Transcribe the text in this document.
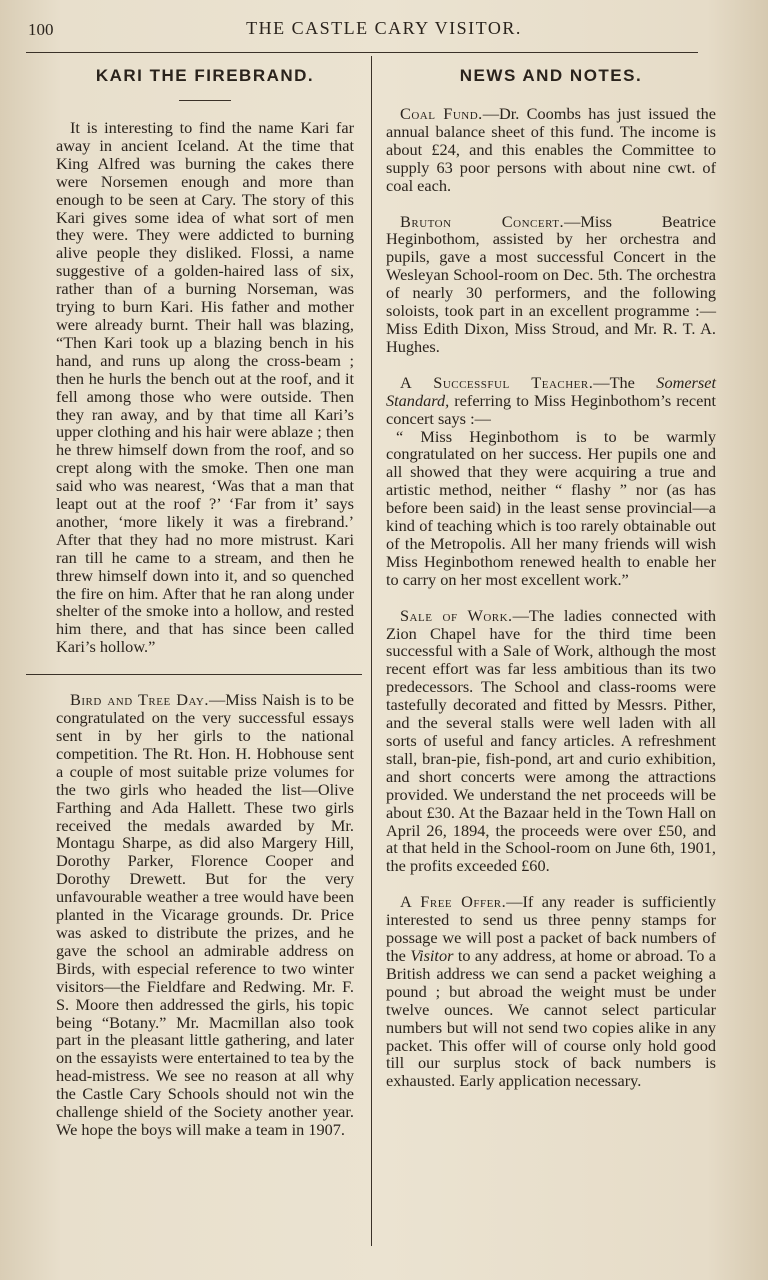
100	THE CASTLE CARY VISITOR.
KARI THE FIREBRAND.

It is interesting to find the name Kari far away in ancient Iceland. At the time that King Alfred was burning the cakes there were Norsemen enough and more than enough to be seen at Cary. The story of this Kari gives some idea of what sort of men they were. They were addicted to burning alive people they disliked. Flossi, a name suggestive of a golden-haired lass of six, rather than of a burning Norseman, was trying to burn Kari. His father and mother were already burnt. Their hall was blazing, “Then Kari took up a blazing bench in his hand, and runs up along the cross-beam ; then he hurls the bench out at the roof, and it fell among those who were outside. Then they ran away, and by that time all Kari’s upper clothing and his hair were ablaze ; then he threw himself down from the roof, and so crept along with the smoke. Then one man said who was nearest, ‘Was that a man that leapt out at the roof ?’ ‘Far from it’ says another, ‘more likely it was a firebrand.’ After that they had no more mistrust. Kari ran till he came to a stream, and then he threw himself down into it, and so quenched the fire on him. After that he ran along under shelter of the smoke into a hollow, and rested him there, and that has since been called Kari’s hollow.”

Bird and Tree Day.—Miss Naish is to be congratulated on the very successful essays sent in by her girls to the national competition. The Rt. Hon. H. Hobhouse sent a couple of most suitable prize volumes for the two girls who headed the list—Olive Farthing and Ada Hallett. These two girls received the medals awarded by Mr. Montagu Sharpe, as did also Margery Hill, Dorothy Parker, Florence Cooper and Dorothy Drewett. But for the very unfavourable weather a tree would have been planted in the Vicarage grounds. Dr. Price was asked to distribute the prizes, and he gave the school an admirable address on Birds, with especial reference to two winter visitors—the Fieldfare and Redwing. Mr. F. S. Moore then addressed the girls, his topic being “Botany.” Mr. Macmillan also took part in the pleasant little gathering, and later on the essayists were entertained to tea by the head-mistress. We see no reason at all why the Castle Cary Schools should not win the challenge shield of the Society another year. We hope the boys will make a team in 1907.

NEWS AND NOTES.

Coal Fund.—Dr. Coombs has just issued the annual balance sheet of this fund. The income is about £24, and this enables the Committee to supply 63 poor persons with about nine cwt. of coal each.

Bruton Concert.—Miss Beatrice Heginbothom, assisted by her orchestra and pupils, gave a most successful Concert in the Wesleyan School-room on Dec. 5th. The orchestra of nearly 30 performers, and the following soloists, took part in an excellent programme :—Miss Edith Dixon, Miss Stroud, and Mr. R. T. A. Hughes.

A Successful Teacher.—The Somerset Standard, referring to Miss Heginbothom’s recent concert says :—

“ Miss Heginbothom is to be warmly congratulated on her success. Her pupils one and all showed that they were acquiring a true and artistic method, neither “ flashy ” nor (as has before been said) in the least sense provincial—a kind of teaching which is too rarely obtainable out of the Metropolis. All her many friends will wish Miss Heginbothom renewed health to enable her to carry on her most excellent work.”

Sale of Work.—The ladies connected with Zion Chapel have for the third time been successful with a Sale of Work, although the most recent effort was far less ambitious than its two predecessors. The School and class-rooms were tastefully decorated and fitted by Messrs. Pither, and the several stalls were well laden with all sorts of useful and fancy articles. A refreshment stall, bran-pie, fish-pond, art and curio exhibition, and short concerts were among the attractions provided. We understand the net proceeds will be about £30. At the Bazaar held in the Town Hall on April 26, 1894, the proceeds were over £50, and at that held in the School-room on June 6th, 1901, the profits exceeded £60.

A Free Offer.—If any reader is sufficiently interested to send us three penny stamps for possage we will post a packet of back numbers of the Visitor to any address, at home or abroad. To a British address we can send a packet weighing a pound ; but abroad the weight must be under twelve ounces. We cannot select particular numbers but will not send two copies alike in any packet. This offer will of course only hold good till our surplus stock of back numbers is exhausted. Early application necessary.
